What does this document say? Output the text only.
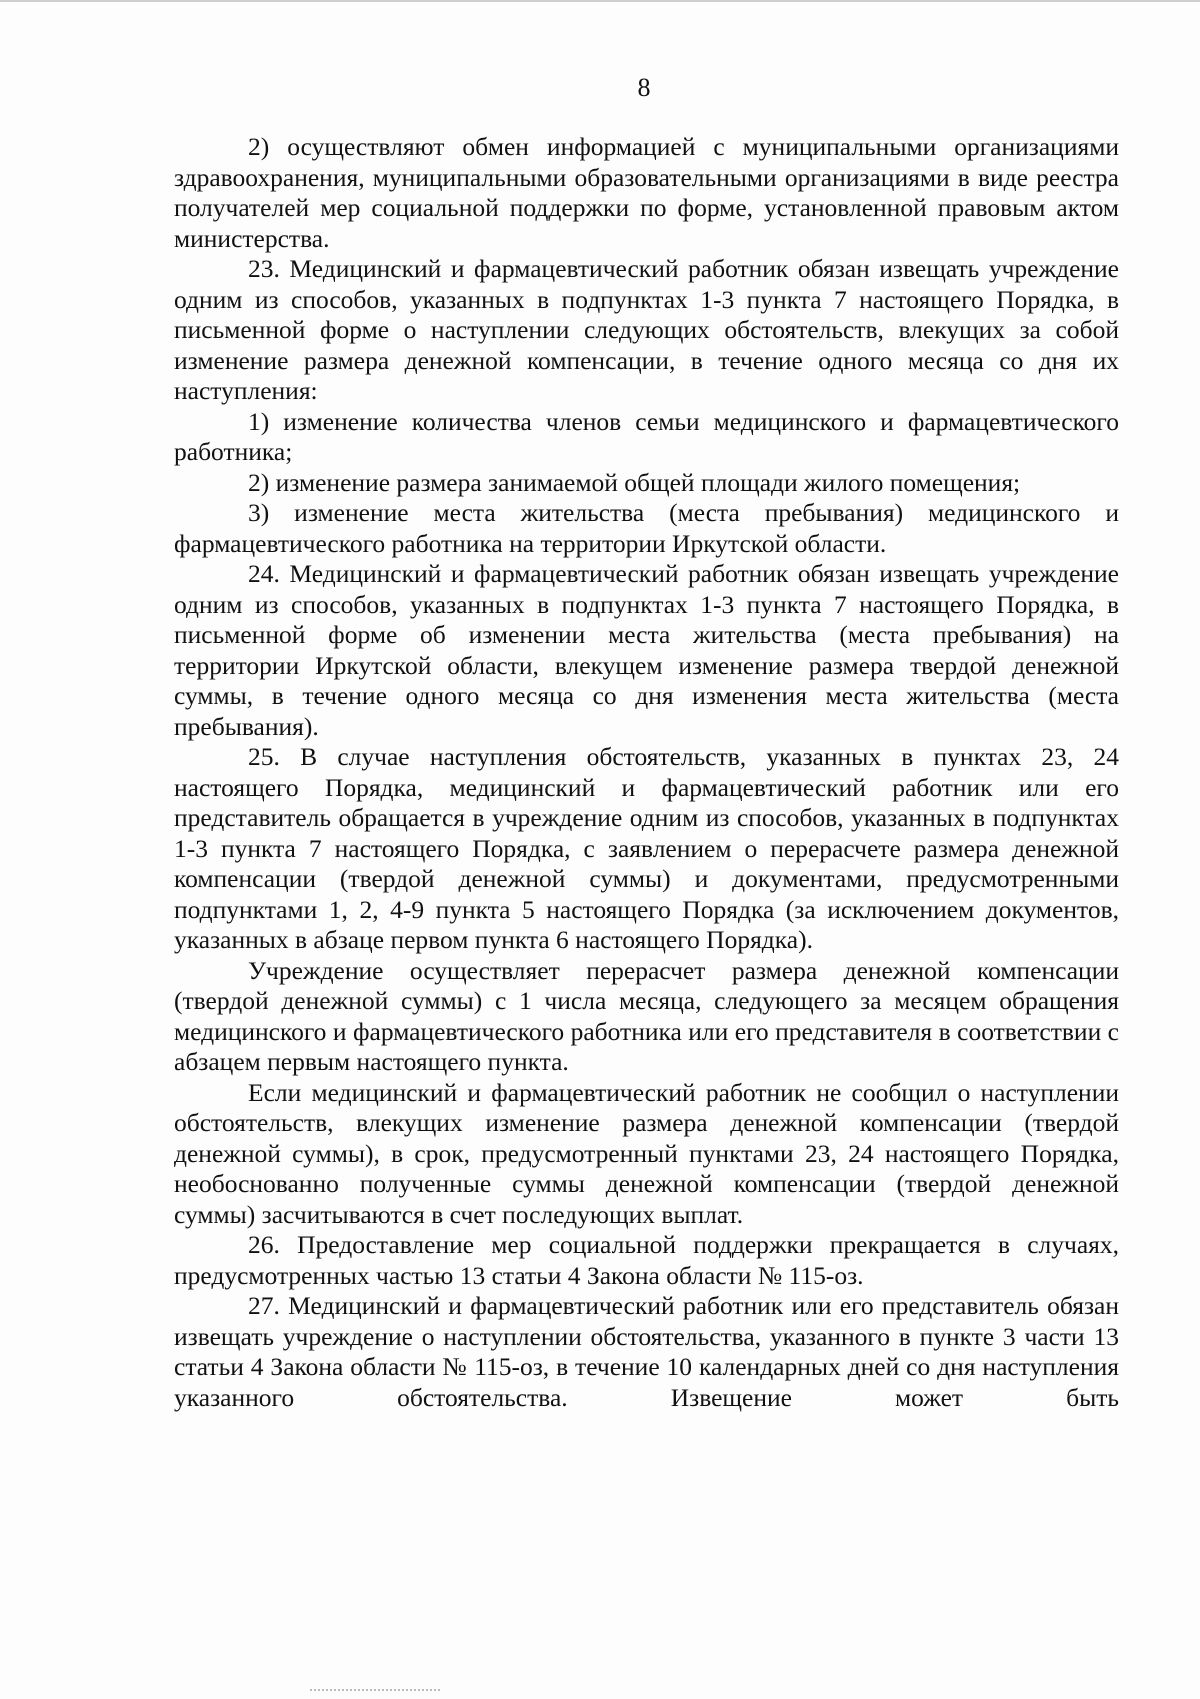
8

2) осуществляют обмен информацией с муниципальными организациями здравоохранения, муниципальными образовательными организациями в виде реестра получателей мер социальной поддержки по форме, установленной правовым актом министерства.

23. Медицинский и фармацевтический работник обязан извещать учреждение одним из способов, указанных в подпунктах 1-3 пункта 7 настоящего Порядка, в письменной форме о наступлении следующих обстоятельств, влекущих за собой изменение размера денежной компенсации, в течение одного месяца со дня их наступления:

1) изменение количества членов семьи медицинского и фармацевтического работника;

2) изменение размера занимаемой общей площади жилого помещения;

3) изменение места жительства (места пребывания) медицинского и фармацевтического работника на территории Иркутской области.

24. Медицинский и фармацевтический работник обязан извещать учреждение одним из способов, указанных в подпунктах 1-3 пункта 7 настоящего Порядка, в письменной форме об изменении места жительства (места пребывания) на территории Иркутской области, влекущем изменение размера твердой денежной суммы, в течение одного месяца со дня изменения места жительства (места пребывания).

25. В случае наступления обстоятельств, указанных в пунктах 23, 24 настоящего Порядка, медицинский и фармацевтический работник или его представитель обращается в учреждение одним из способов, указанных в подпунктах 1-3 пункта 7 настоящего Порядка, с заявлением о перерасчете размера денежной компенсации (твердой денежной суммы) и документами, предусмотренными подпунктами 1, 2, 4-9 пункта 5 настоящего Порядка (за исключением документов, указанных в абзаце первом пункта 6 настоящего Порядка).

Учреждение осуществляет перерасчет размера денежной компенсации (твердой денежной суммы) с 1 числа месяца, следующего за месяцем обращения медицинского и фармацевтического работника или его представителя в соответствии с абзацем первым настоящего пункта.

Если медицинский и фармацевтический работник не сообщил о наступлении обстоятельств, влекущих изменение размера денежной компенсации (твердой денежной суммы), в срок, предусмотренный пунктами 23, 24 настоящего Порядка, необоснованно полученные суммы денежной компенсации (твердой денежной суммы) засчитываются в счет последующих выплат.

26. Предоставление мер социальной поддержки прекращается в случаях, предусмотренных частью 13 статьи 4 Закона области № 115-оз.

27. Медицинский и фармацевтический работник или его представитель обязан извещать учреждение о наступлении обстоятельства, указанного в пункте 3 части 13 статьи 4 Закона области № 115-оз, в течение 10 календарных дней со дня наступления указанного обстоятельства. Извещение может быть
